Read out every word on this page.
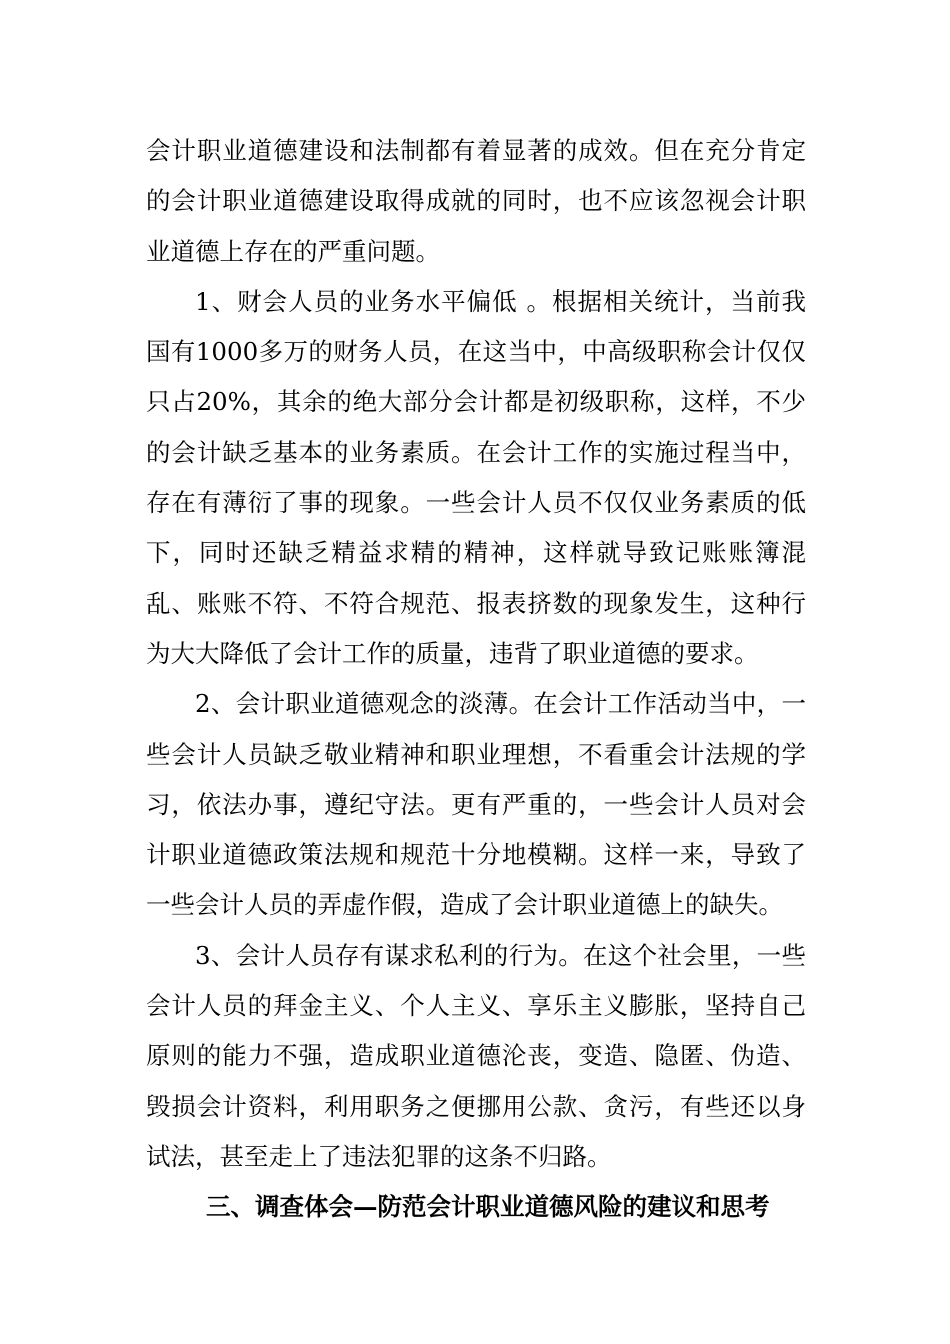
会计职业道德建设和法制都有着显著的成效。但在充分肯定的会计职业道德建设取得成就的同时，也不应该忽视会计职业道德上存在的严重问题。

1、财会人员的业务水平偏低 。根据相关统计，当前我国有1000多万的财务人员，在这当中，中高级职称会计仅仅只占20%，其余的绝大部分会计都是初级职称，这样，不少的会计缺乏基本的业务素质。在会计工作的实施过程当中，存在有薄衍了事的现象。一些会计人员不仅仅业务素质的低下，同时还缺乏精益求精的精神，这样就导致记账账簿混乱、账账不符、不符合规范、报表挤数的现象发生，这种行为大大降低了会计工作的质量，违背了职业道德的要求。

2、会计职业道德观念的淡薄。在会计工作活动当中，一些会计人员缺乏敬业精神和职业理想，不看重会计法规的学习，依法办事，遵纪守法。更有严重的，一些会计人员对会计职业道德政策法规和规范十分地模糊。这样一来，导致了一些会计人员的弄虚作假，造成了会计职业道德上的缺失。

3、会计人员存有谋求私利的行为。在这个社会里，一些会计人员的拜金主义、个人主义、享乐主义膨胀，坚持自己原则的能力不强，造成职业道德沦丧，变造、隐匿、伪造、毁损会计资料，利用职务之便挪用公款、贪污，有些还以身试法，甚至走上了违法犯罪的这条不归路。

三、调查体会—防范会计职业道德风险的建议和思考
